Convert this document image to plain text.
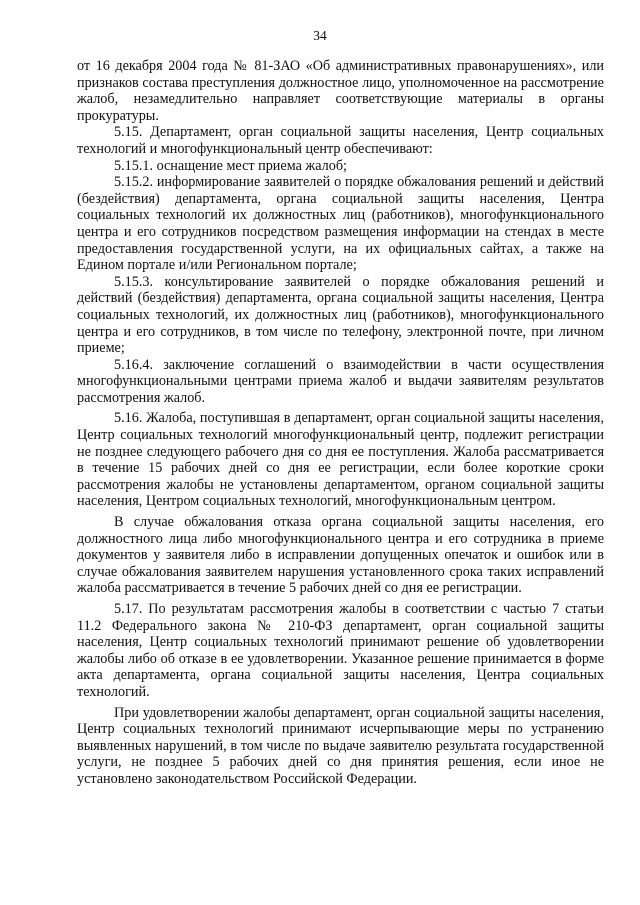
34

от 16 декабря 2004 года № 81-ЗАО «Об административных правонарушениях», или признаков состава преступления должностное лицо, уполномоченное на рассмотрение жалоб, незамедлительно направляет соответствующие материалы в органы прокуратуры.

5.15. Департамент, орган социальной защиты населения, Центр социальных технологий и многофункциональный центр обеспечивают:

5.15.1. оснащение мест приема жалоб;

5.15.2. информирование заявителей о порядке обжалования решений и действий (бездействия) департамента, органа социальной защиты населения, Центра социальных технологий их должностных лиц (работников), многофункционального центра и его сотрудников посредством размещения информации на стендах в месте предоставления государственной услуги, на их официальных сайтах, а также на Едином портале и/или Региональном портале;

5.15.3. консультирование заявителей о порядке обжалования решений и действий (бездействия) департамента, органа социальной защиты населения, Центра социальных технологий, их должностных лиц (работников), многофункционального центра и его сотрудников, в том числе по телефону, электронной почте, при личном приеме;

5.16.4. заключение соглашений о взаимодействии в части осуществления многофункциональными центрами приема жалоб и выдачи заявителям результатов рассмотрения жалоб.

5.16. Жалоба, поступившая в департамент, орган социальной защиты населения, Центр социальных технологий многофункциональный центр, подлежит регистрации не позднее следующего рабочего дня со дня ее поступления. Жалоба рассматривается в течение 15 рабочих дней со дня ее регистрации, если более короткие сроки рассмотрения жалобы не установлены департаментом, органом социальной защиты населения, Центром социальных технологий, многофункциональным центром.

В случае обжалования отказа органа социальной защиты населения, его должностного лица либо многофункционального центра и его сотрудника в приеме документов у заявителя либо в исправлении допущенных опечаток и ошибок или в случае обжалования заявителем нарушения установленного срока таких исправлений жалоба рассматривается в течение 5 рабочих дней со дня ее регистрации.

5.17. По результатам рассмотрения жалобы в соответствии с частью 7 статьи 11.2 Федерального закона № 210-ФЗ департамент, орган социальной защиты населения, Центр социальных технологий принимают решение об удовлетворении жалобы либо об отказе в ее удовлетворении. Указанное решение принимается в форме акта департамента, органа социальной защиты населения, Центра социальных технологий.

При удовлетворении жалобы департамент, орган социальной защиты населения, Центр социальных технологий принимают исчерпывающие меры по устранению выявленных нарушений, в том числе по выдаче заявителю результата государственной услуги, не позднее 5 рабочих дней со дня принятия решения, если иное не установлено законодательством Российской Федерации.
